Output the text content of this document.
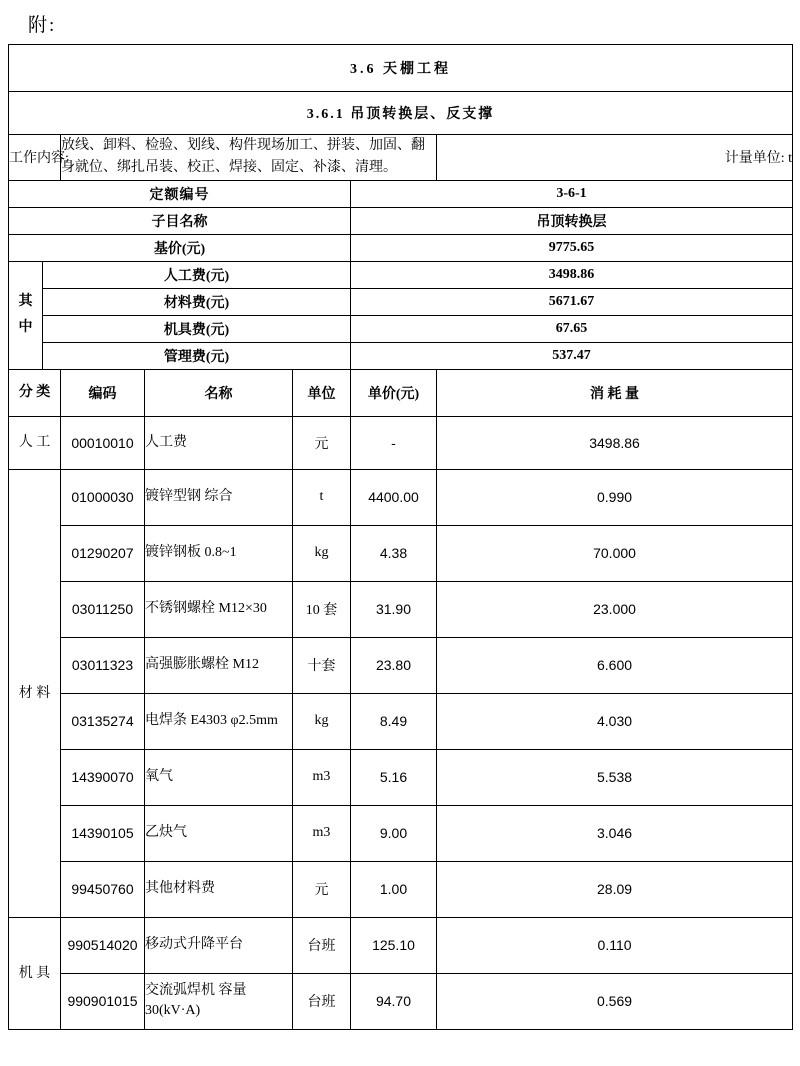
附:
3.6 天棚工程						
3.6.1 吊顶转换层、反支撑						
工作内容:		放线、卸料、检验、划线、构件现场加工、拼装、加固、翻身就位、绑扎吊装、校正、焊接、固定、补漆、清理。				计量单位: t
定额编号					3-6-1	
子目名称					吊顶转换层	
基价(元)					9775.65	

其
中	人工费(元)				3498.86	
	材料费(元)				5671.67	
	机具费(元)				67.65	
	管理费(元)				537.47	
分 类		编码	名称	单位	单价(元)	消 耗 量
人 工		00010010	人工费	元	-	3498.86
材 料		01000030	镀锌型钢 综合	t	4400.00	0.990
		01290207	镀锌钢板 0.8~1	kg	4.38	70.000
		03011250	不锈钢螺栓 M12×30	10 套	31.90	23.000
		03011323	高强膨胀螺栓 M12	十套	23.80	6.600
		03135274	电焊条 E4303 φ2.5mm	kg	8.49	4.030
		14390070	氧气	m3	5.16	5.538
		14390105	乙炔气	m3	9.00	3.046
		99450760	其他材料费	元	1.00	28.09
机 具		990514020	移动式升降平台	台班	125.10	0.110
		990901015	交流弧焊机 容量 30(kV·A)	台班	94.70	0.569
